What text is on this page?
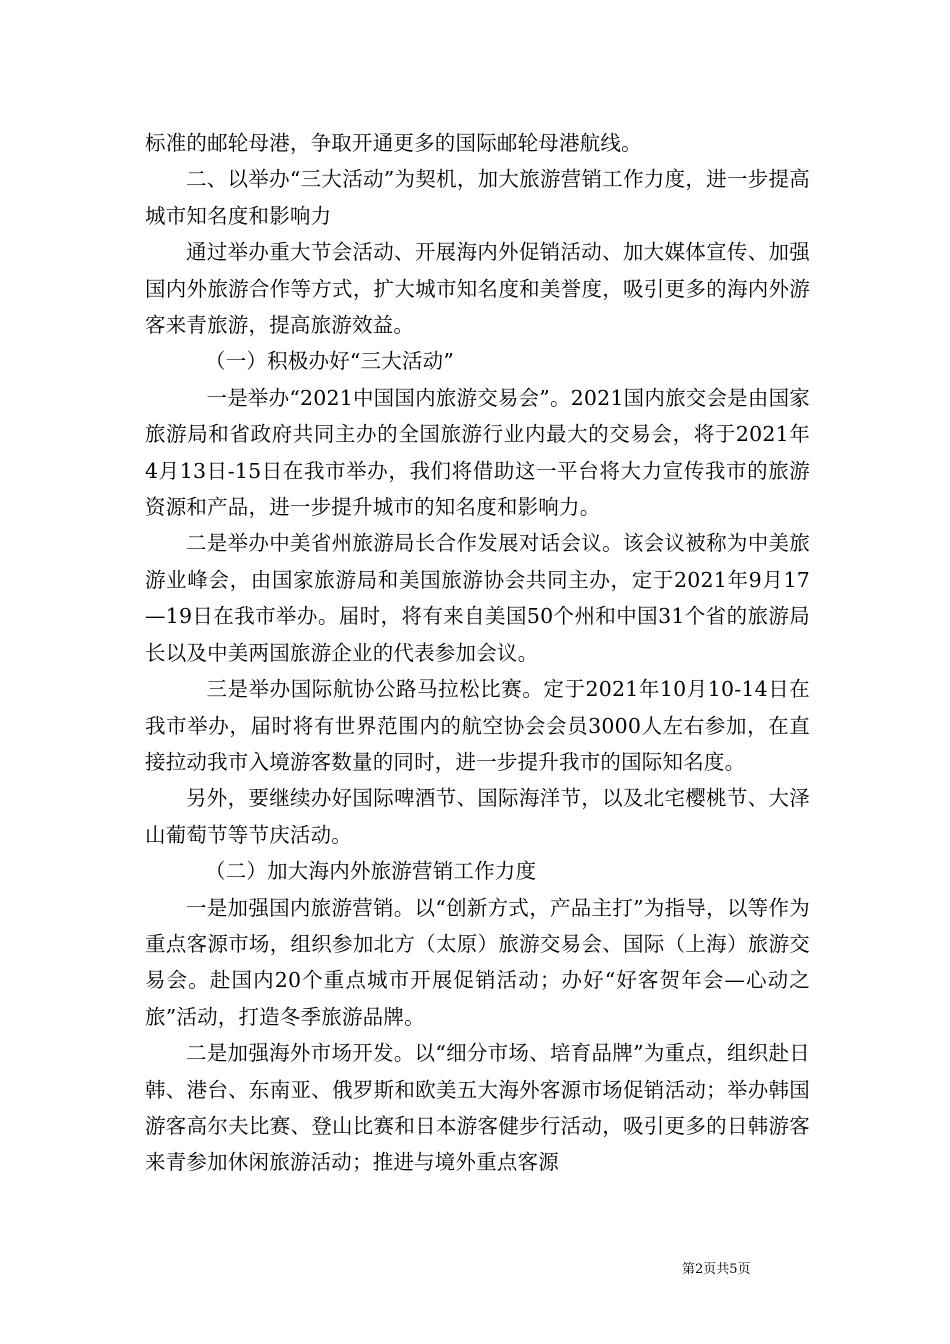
标准的邮轮母港，争取开通更多的国际邮轮母港航线。

二、以举办“三大活动”为契机，加大旅游营销工作力度，进一步提高城市知名度和影响力

通过举办重大节会活动、开展海内外促销活动、加大媒体宣传、加强国内外旅游合作等方式，扩大城市知名度和美誉度，吸引更多的海内外游客来青旅游，提高旅游效益。

（一）积极办好“三大活动”

一是举办“2021中国国内旅游交易会”。2021国内旅交会是由国家旅游局和省政府共同主办的全国旅游行业内最大的交易会，将于2021年4月13日-15日在我市举办，我们将借助这一平台将大力宣传我市的旅游资源和产品，进一步提升城市的知名度和影响力。

二是举办中美省州旅游局长合作发展对话会议。该会议被称为中美旅游业峰会，由国家旅游局和美国旅游协会共同主办，定于2021年9月17—19日在我市举办。届时，将有来自美国50个州和中国31个省的旅游局长以及中美两国旅游企业的代表参加会议。

三是举办国际航协公路马拉松比赛。定于2021年10月10-14日在我市举办，届时将有世界范围内的航空协会会员3000人左右参加，在直接拉动我市入境游客数量的同时，进一步提升我市的国际知名度。

另外，要继续办好国际啤酒节、国际海洋节，以及北宅樱桃节、大泽山葡萄节等节庆活动。

（二）加大海内外旅游营销工作力度

一是加强国内旅游营销。以“创新方式，产品主打”为指导，以等作为重点客源市场，组织参加北方（太原）旅游交易会、国际（上海）旅游交易会。赴国内20个重点城市开展促销活动；办好“好客贺年会—心动之旅”活动，打造冬季旅游品牌。

二是加强海外市场开发。以“细分市场、培育品牌”为重点，组织赴日韩、港台、东南亚、俄罗斯和欧美五大海外客源市场促销活动；举办韩国游客高尔夫比赛、登山比赛和日本游客健步行活动，吸引更多的日韩游客来青参加休闲旅游活动；推进与境外重点客源

第2页共5页
